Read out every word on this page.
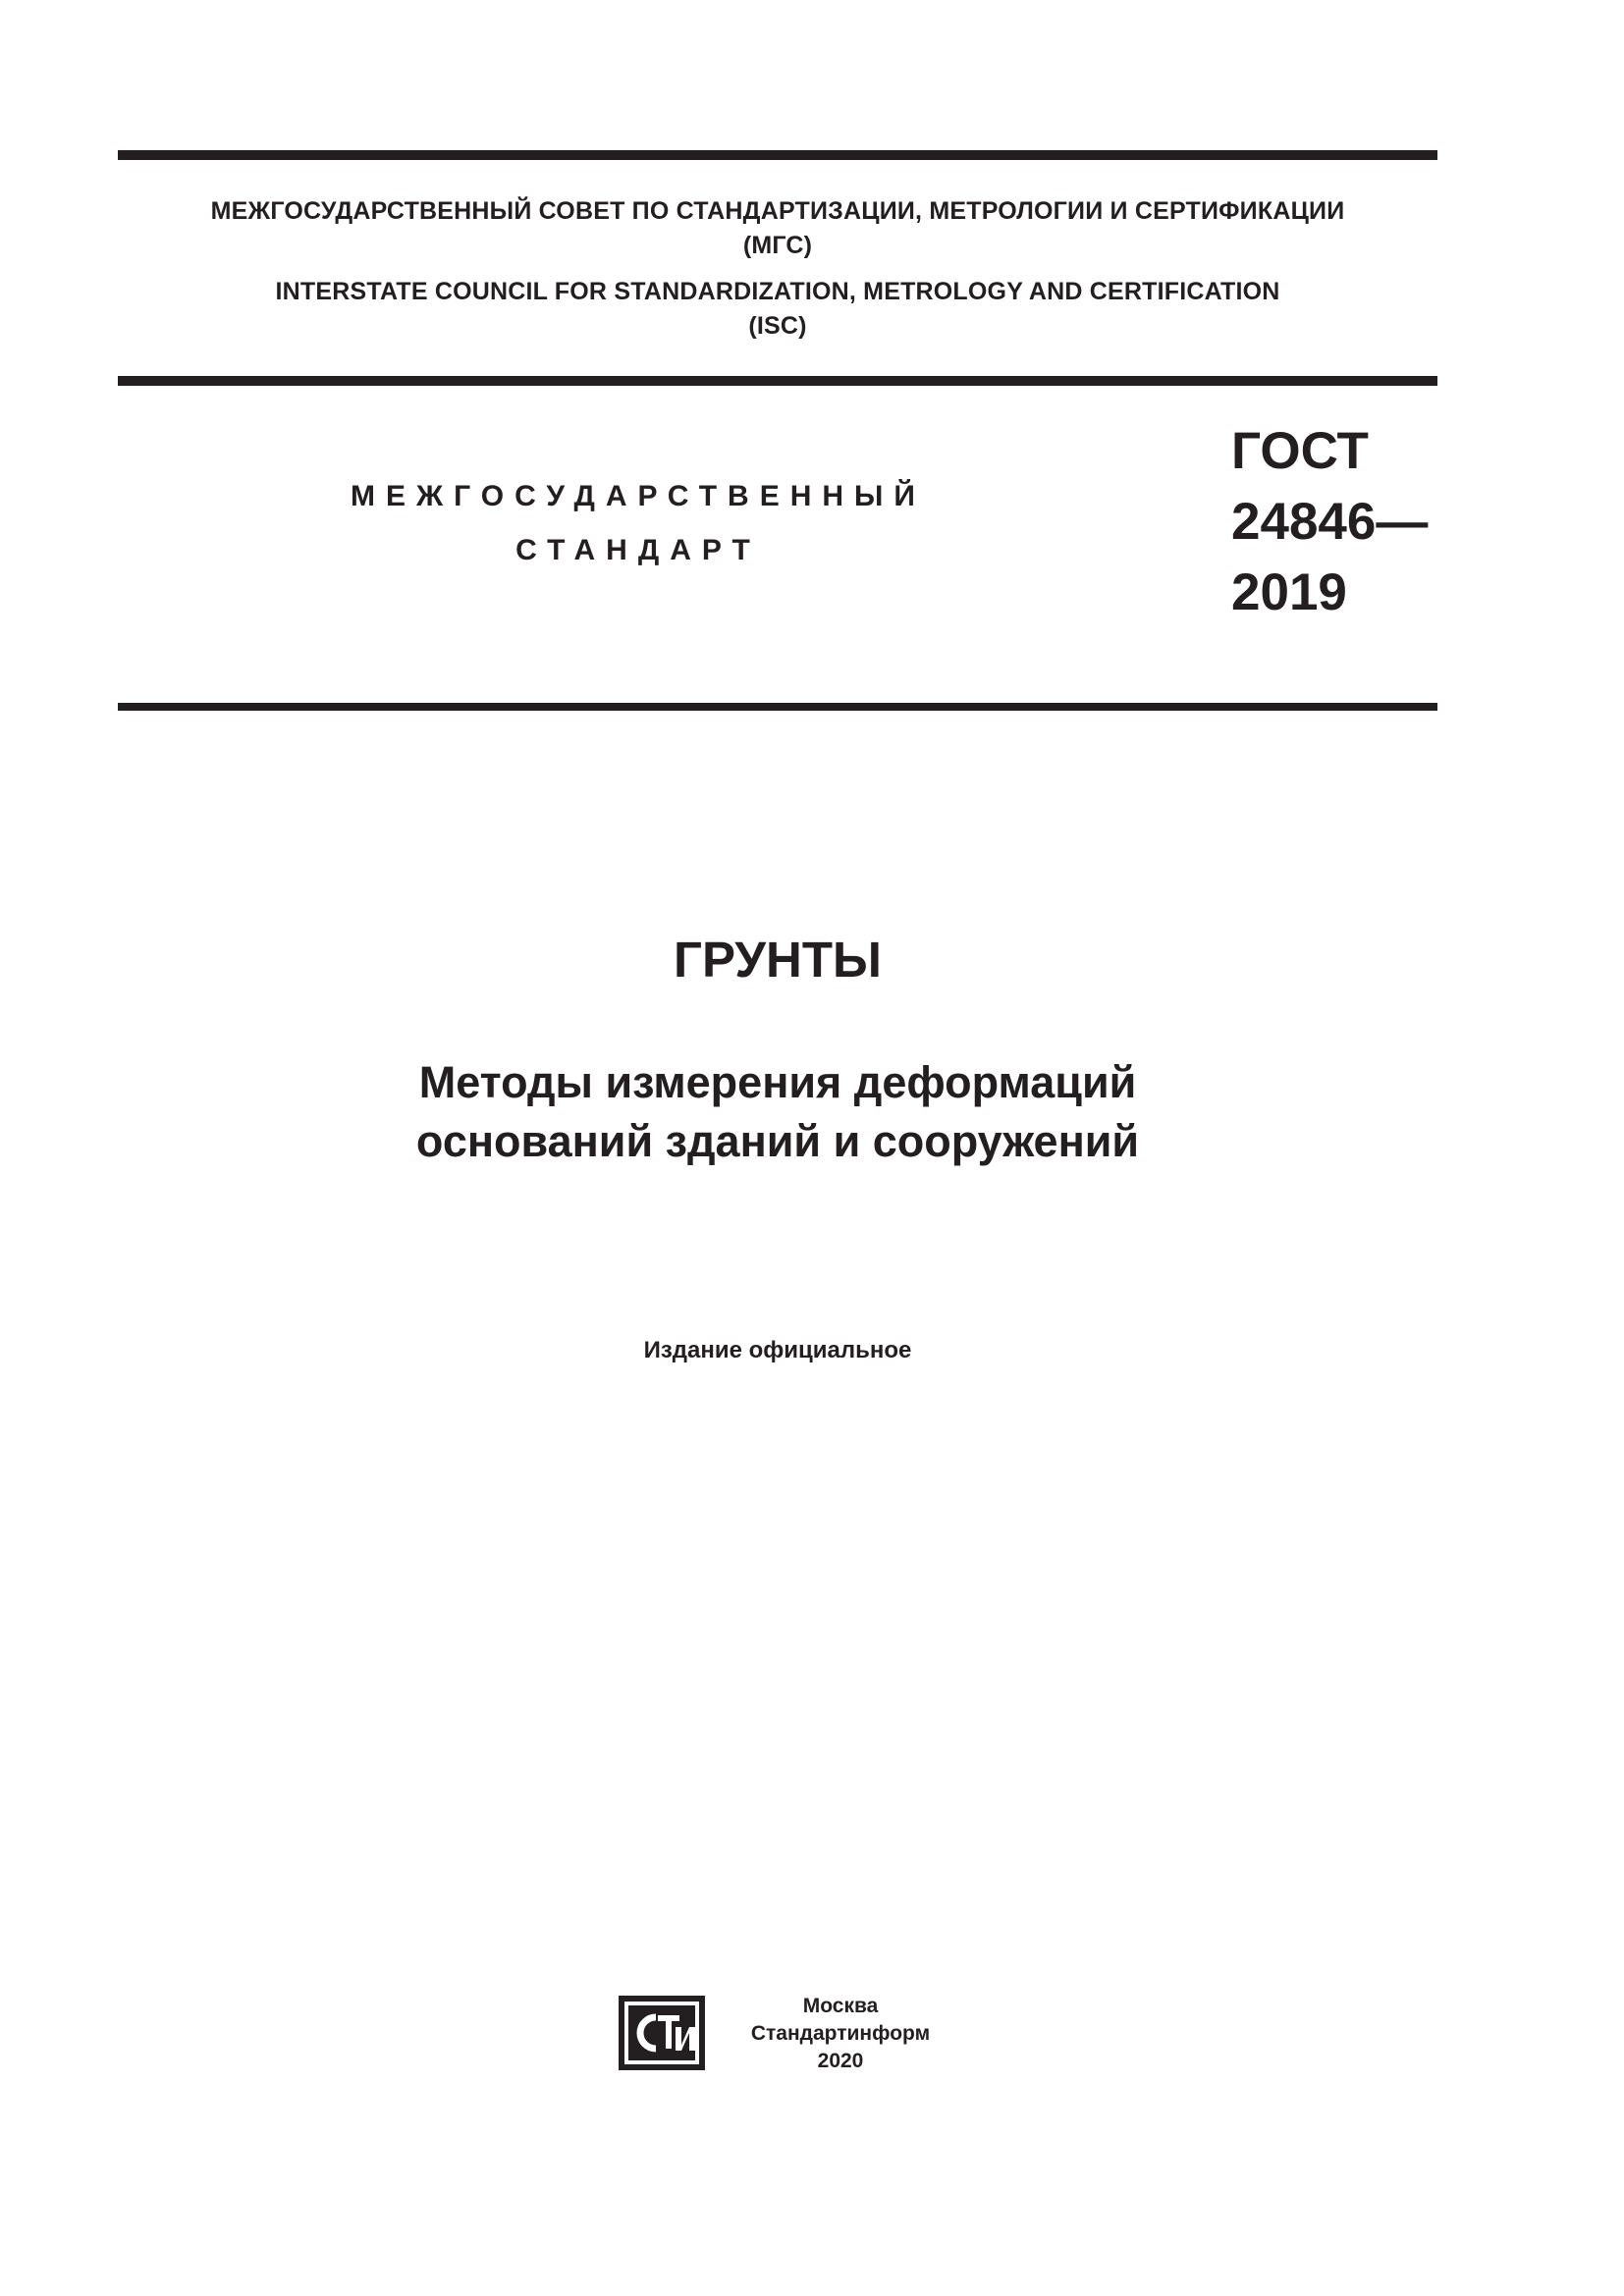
МЕЖГОСУДАРСТВЕННЫЙ СОВЕТ ПО СТАНДАРТИЗАЦИИ, МЕТРОЛОГИИ И СЕРТИФИКАЦИИ
(МГС)
INTERSTATE COUNCIL FOR STANDARDIZATION, METROLOGY AND CERTIFICATION
(ISC)
МЕЖГОСУДАРСТВЕННЫЙ
СТАНДАРТ
ГОСТ
24846—
2019
ГРУНТЫ
Методы измерения деформаций
оснований зданий и сооружений
Издание официальное
Москва
Стандартинформ
2020
